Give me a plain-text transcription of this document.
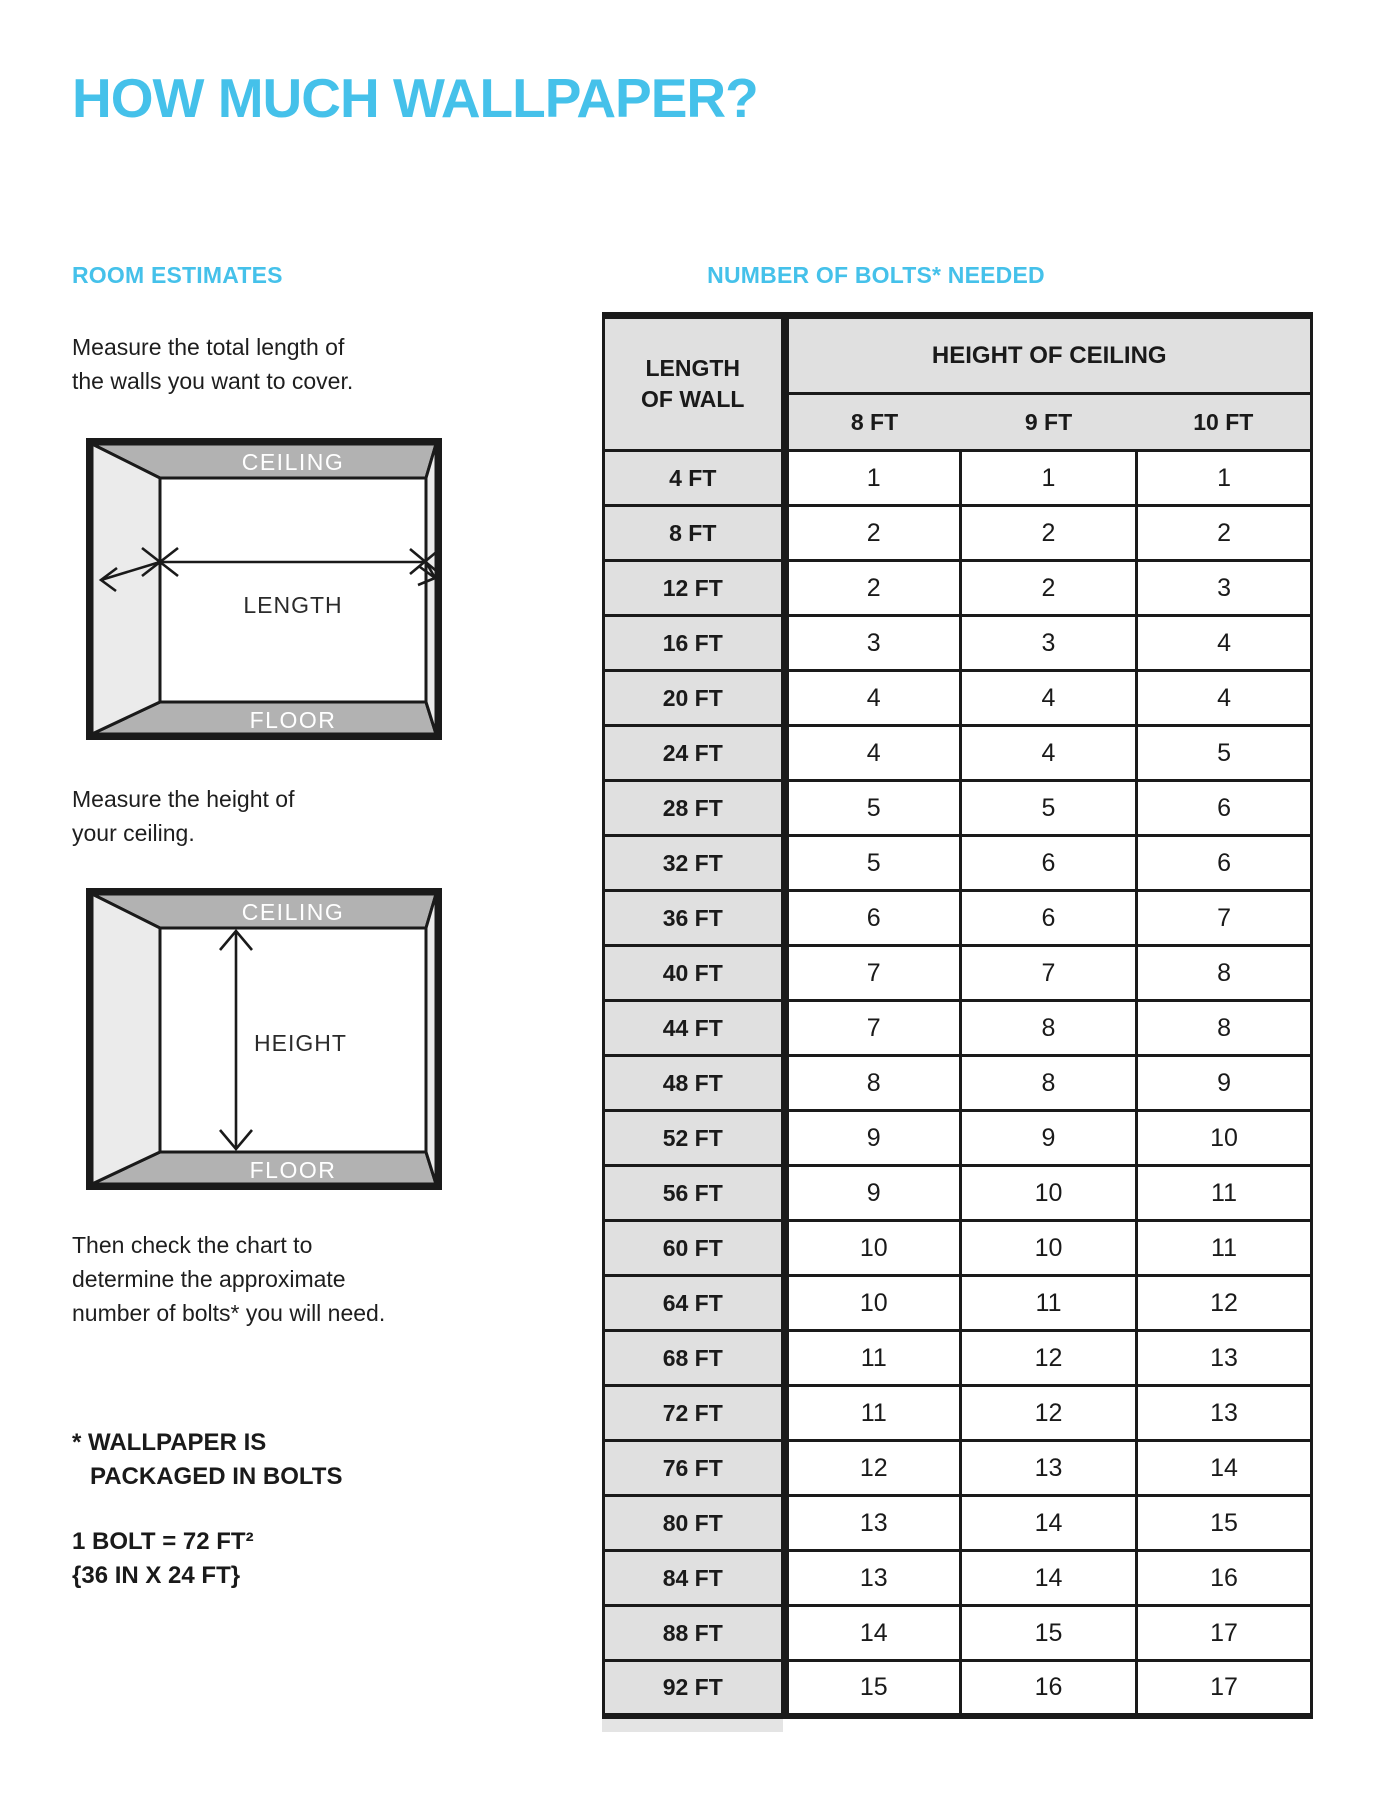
HOW MUCH WALLPAPER?
ROOM ESTIMATES	NUMBER OF BOLTS* NEEDED
Measure the total length of
the walls you want to cover.
CEILING
LENGTH
FLOOR
Measure the height of
your ceiling.
CEILING
HEIGHT
FLOOR
Then check the chart to
determine the approximate
number of bolts* you will need.
* WALLPAPER IS
PACKAGED IN BOLTS
1 BOLT = 72 FT²
{36 IN X 24 FT}
LENGTH
OF WALL	HEIGHT OF CEILING		
	8 FT	9 FT	10 FT
4 FT	1	1	1
8 FT	2	2	2
12 FT	2	2	3
16 FT	3	3	4
20 FT	4	4	4
24 FT	4	4	5
28 FT	5	5	6
32 FT	5	6	6
36 FT	6	6	7
40 FT	7	7	8
44 FT	7	8	8
48 FT	8	8	9
52 FT	9	9	10
56 FT	9	10	11
60 FT	10	10	11
64 FT	10	11	12
68 FT	11	12	13
72 FT	11	12	13
76 FT	12	13	14
80 FT	13	14	15
84 FT	13	14	16
88 FT	14	15	17
92 FT	15	16	17
